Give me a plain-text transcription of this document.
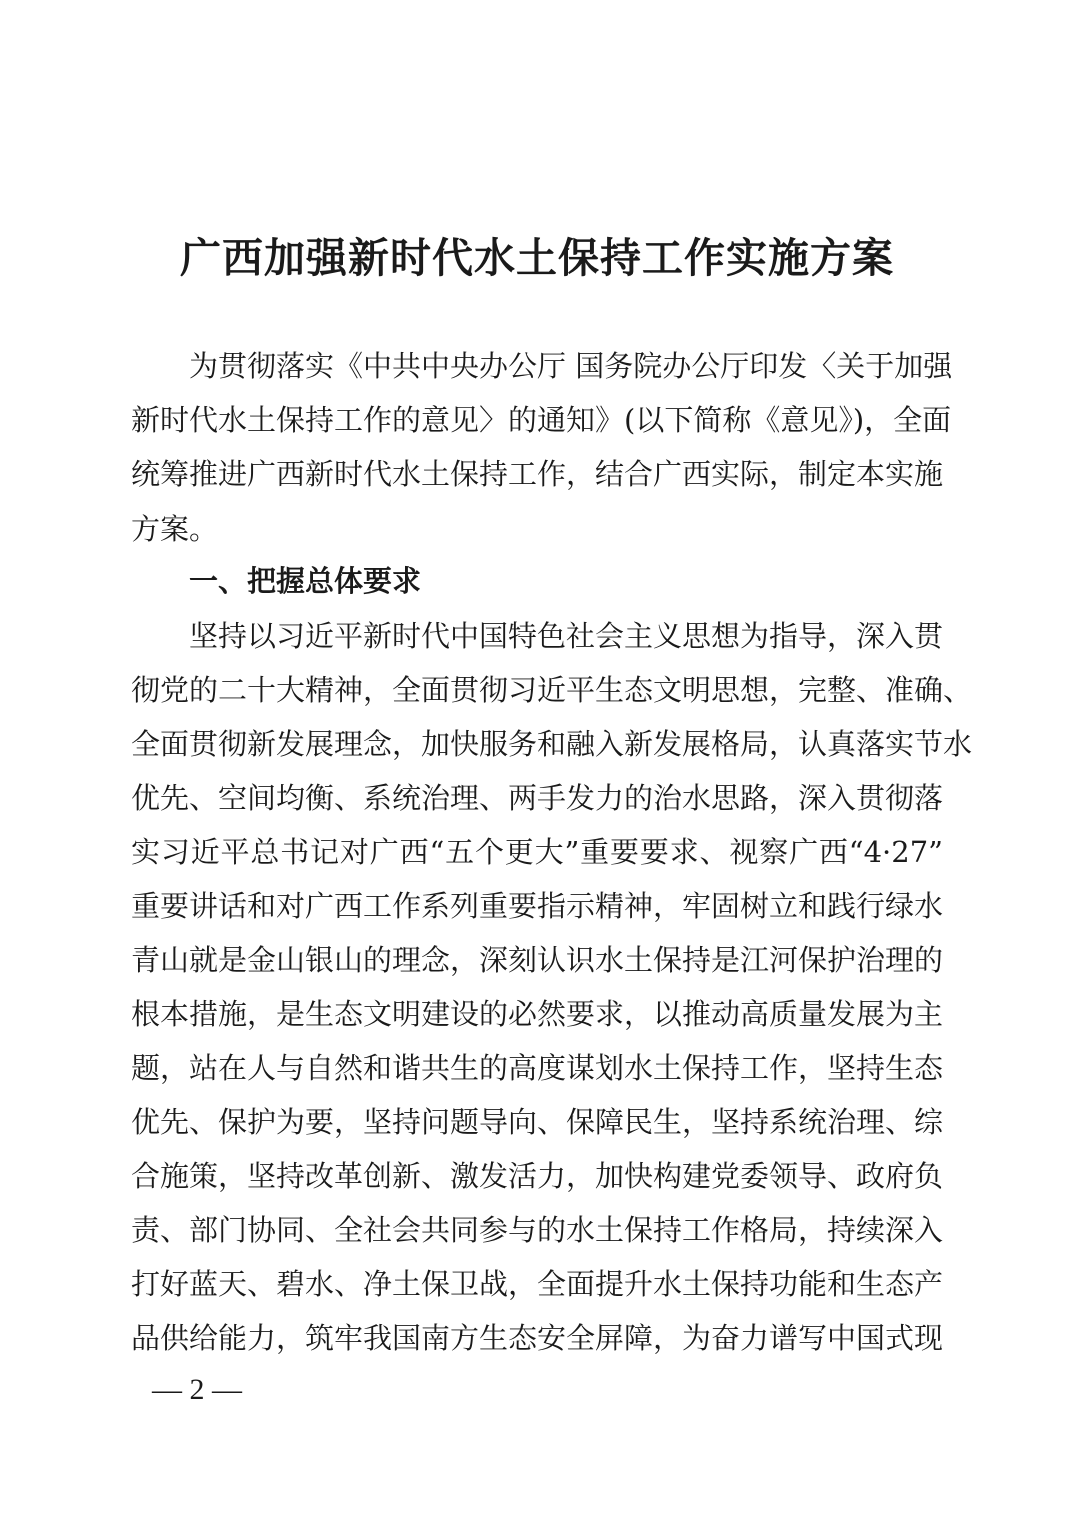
广西加强新时代水土保持工作实施方案
为贯彻落实《中共中央办公厅 国务院办公厅印发〈关于加强
新时代水土保持工作的意见〉的通知》(以下简称《意见》)，全面
统筹推进广西新时代水土保持工作，结合广西实际，制定本实施
方案。
一、把握总体要求
坚持以习近平新时代中国特色社会主义思想为指导，深入贯
彻党的二十大精神，全面贯彻习近平生态文明思想，完整、准确、
全面贯彻新发展理念，加快服务和融入新发展格局，认真落实节水
优先、空间均衡、系统治理、两手发力的治水思路，深入贯彻落
实习近平总书记对广西“五个更大”重要要求、视察广西“4·27”
重要讲话和对广西工作系列重要指示精神，牢固树立和践行绿水
青山就是金山银山的理念，深刻认识水土保持是江河保护治理的
根本措施，是生态文明建设的必然要求，以推动高质量发展为主
题，站在人与自然和谐共生的高度谋划水土保持工作，坚持生态
优先、保护为要，坚持问题导向、保障民生，坚持系统治理、综
合施策，坚持改革创新、激发活力，加快构建党委领导、政府负
责、部门协同、全社会共同参与的水土保持工作格局，持续深入
打好蓝天、碧水、净土保卫战，全面提升水土保持功能和生态产
品供给能力，筑牢我国南方生态安全屏障，为奋力谱写中国式现
— 2 —
